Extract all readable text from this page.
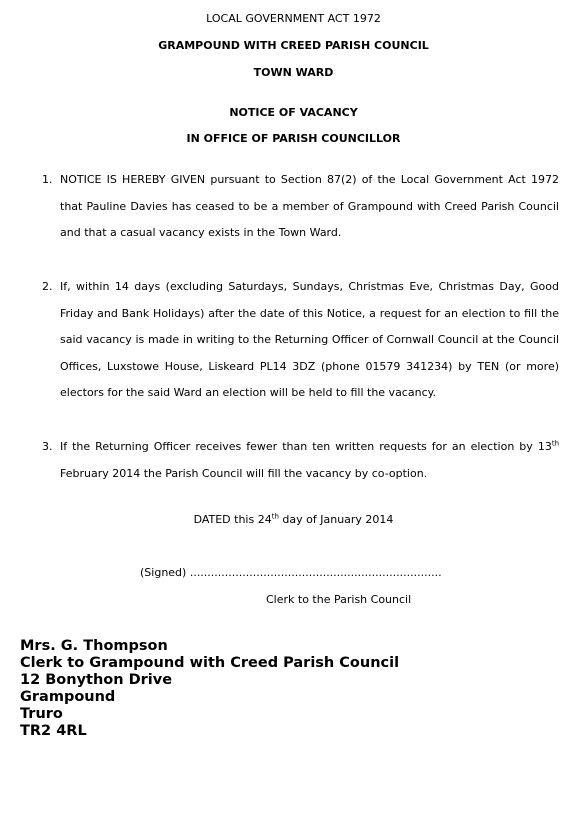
LOCAL GOVERNMENT ACT 1972
GRAMPOUND WITH CREED PARISH COUNCIL
TOWN WARD
NOTICE OF VACANCY
IN OFFICE OF PARISH COUNCILLOR
1. NOTICE IS HEREBY GIVEN pursuant to Section 87(2) of the Local Government Act 1972 that Pauline Davies has ceased to be a member of Grampound with Creed Parish Council and that a casual vacancy exists in the Town Ward.
2. If, within 14 days (excluding Saturdays, Sundays, Christmas Eve, Christmas Day, Good Friday and Bank Holidays) after the date of this Notice, a request for an election to fill the said vacancy is made in writing to the Returning Officer of Cornwall Council at the Council Offices, Luxstowe House, Liskeard PL14 3DZ (phone 01579 341234) by TEN (or more) electors for the said Ward an election will be held to fill the vacancy.
3. If the Returning Officer receives fewer than ten written requests for an election by 13th February 2014 the Parish Council will fill the vacancy by co-option.
DATED this 24th day of January 2014
(Signed) ........................................................................
Clerk to the Parish Council
Mrs. G. Thompson
Clerk to Grampound with Creed Parish Council
12 Bonython Drive
Grampound
Truro
TR2 4RL
